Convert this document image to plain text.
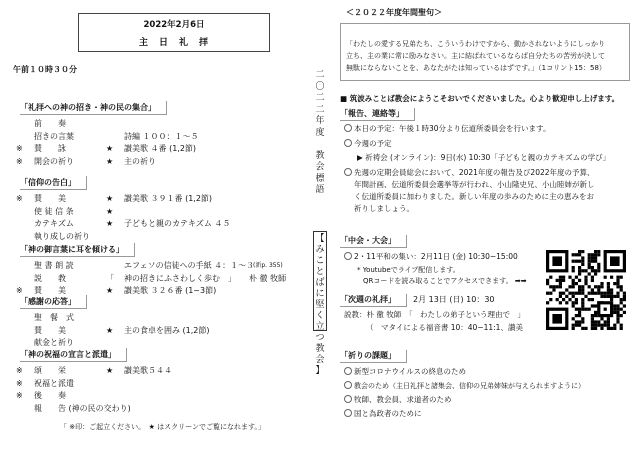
2022年2月6日
主　日　礼　拝
午前１０時３０分
「礼拝への神の招き・神の民の集合」
前　　奏
招きの言葉	詩編 １００：１～５
※ 賛　　詠	★ 讃美歌 ４番 (1,2節)
※ 開会の祈り	★ 主の祈り
「信仰の告白」
※ 賛　　美	★ 讃美歌 ３９１番 (1,2節)
使 徒 信 条	★
カテキズム	★ 子どもと親のカテキズム ４５
執り成しの祈り
「神の御言葉に耳を傾ける」
聖 書 朗 読	エフェソの信徒への手紙 ４：１～３
(新p. 355)
説　　教	「 神の招きにふさわしく歩む　」 朴 徹 牧師
※ 賛　　美	★ 讃美歌 ３２６番 (1~3節)
「感謝の応答」
聖　餐　式
賛　　美	★ 主の食卓を囲み (1,2節)
献金と祈り
「神の祝福の宣言と派遣」
※ 頌　　栄	★ 讃美歌５４４
※ 祝福と派遣
※ 後　　奏
報　　告 (神の民の交わり)
「 ※印：ご起立ください。　★ はスクリーンでご覧になれます。」
二
〇
二
二
年
度

教
会
標
語
【
み
こ
と
ば
に
堅
く
立
つ
教
会
】
＜２０２２年度年間聖句＞
「わたしの愛する兄弟たち、こういうわけですから、動かされないようにしっかり
立ち、主の業に常に励みなさい。主に結ばれているならば自分たちの苦労が決して
無駄にならないことを、あなたがたは知っているはずです。」（1コリント15：58）
■ 筑波みことば教会にようこそおいでくださいました。心より歓迎申し上げます。
「報告、連絡等」
本日の予定：午後１時30分より伝道所委員会を行います。
今週の予定
▶ 祈祷会 (オンライン)：9日(水) 10:30「子どもと親のカテキズムの学び」
先週の定期会員総会において、2021年度の報告及び2022年度の予算、
年間計画、伝道所委員会選挙等が行われ、小山隆史兄、小山睦姉が新し
く伝道所委員に加わりました。新しい年度の歩みのために主の恵みをお
祈りしましょう。
「中会・大会」
2・11平和の集い：2月11日 (金) 10:30−15:00
* Youtubeでライブ配信します。
QRコードを読み取ることでアクセスできます。 ➡➡
「次週の礼拝」	2月 13日 (日) 10：30
説教：朴 徹 牧師　「　わたしの弟子という理由で　」
（　マタイによる福音書 10：40−11:1、讃美
「祈りの課題」
新型コロナウイルスの終息のため
教会のため（主日礼拝と諸集会、信仰の兄弟姉妹が与えられますように）
牧師、教会員、求道者のため
国と為政者のために
